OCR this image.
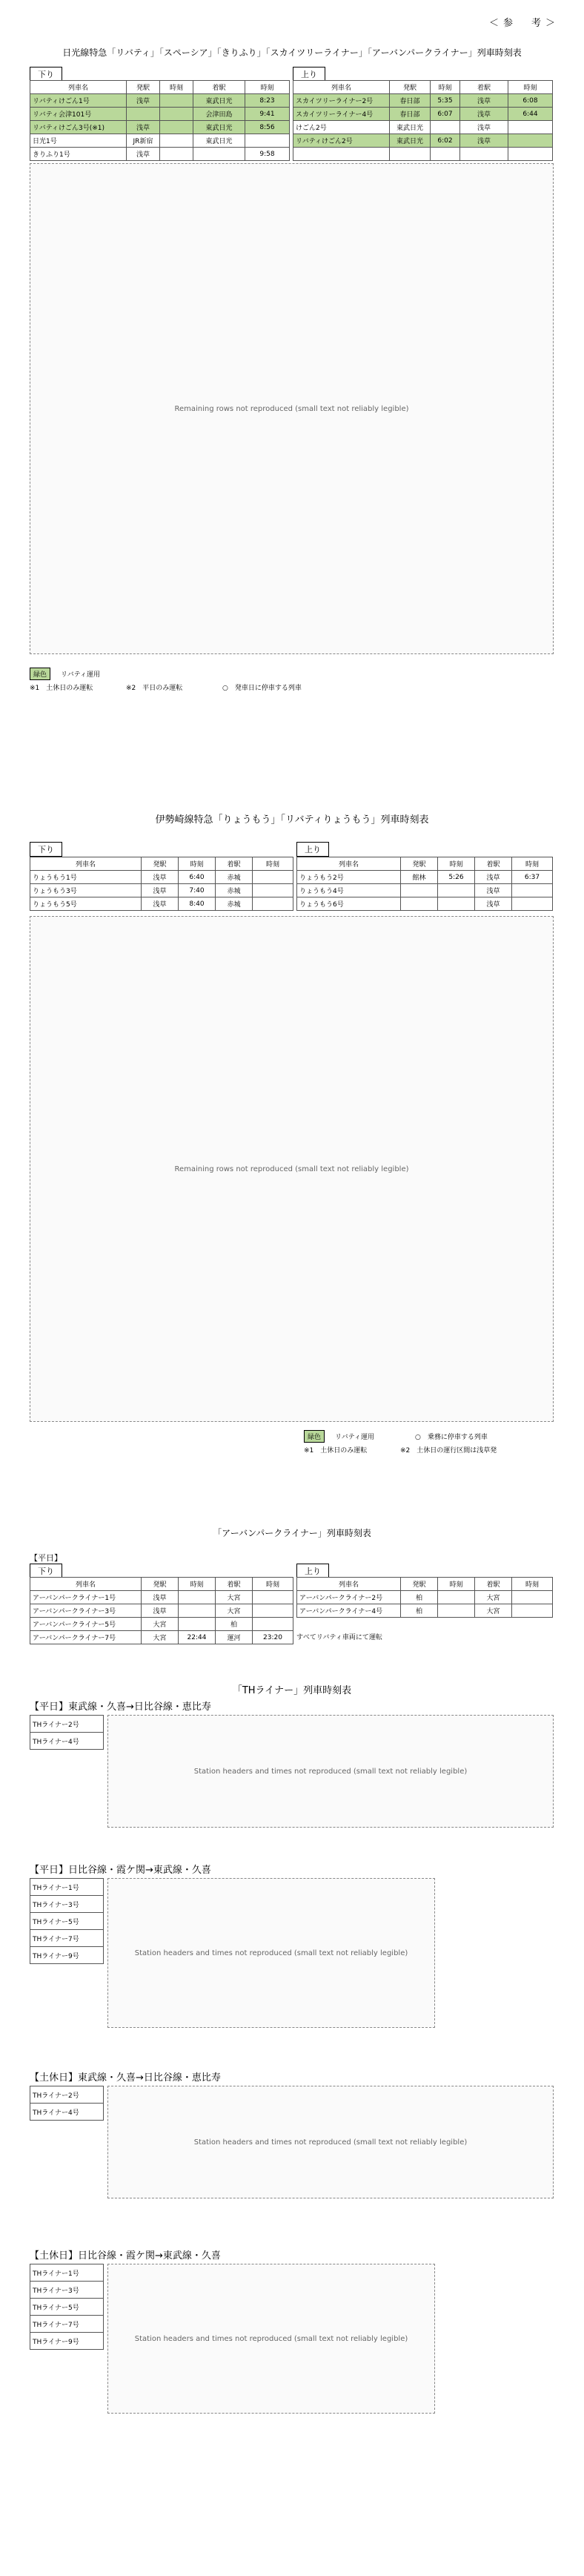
＜参　考＞
日光線特急「リバティ」「スペーシア」「きりふり」「スカイツリーライナー」「アーバンパークライナー」列車時刻表
下り	上り
列車名	発駅	時刻	着駅	時刻
リバティけごん1号	浅草		東武日光	8:23
リバティ会津101号			会津田島	9:41
リバティけごん3号(※1)	浅草		東武日光	8:56
日光1号	JR新宿		東武日光	
きりふり1号	浅草			9:58
列車名	発駅	時刻	着駅	時刻
スカイツリーライナー2号	春日部	5:35	浅草	6:08
スカイツリーライナー4号	春日部	6:07	浅草	6:44
けごん2号	東武日光		浅草	
リバティけごん2号	東武日光	6:02	浅草	

Remaining rows not reproduced (small text not reliably legible)
緑色	リバティ運用
※1　土休日のみ運転	※2　平日のみ運転	○　発車日に停車する列車
伊勢崎線特急「りょうもう」「リバティりょうもう」列車時刻表
下り	上り
列車名	発駅	時刻	着駅	時刻
りょうもう1号	浅草	6:40	赤城	
りょうもう3号	浅草	7:40	赤城	
りょうもう5号	浅草	8:40	赤城	
列車名	発駅	時刻	着駅	時刻
りょうもう2号	館林	5:26	浅草	6:37
りょうもう4号			浅草	
りょうもう6号			浅草	
Remaining rows not reproduced (small text not reliably legible)
緑色	リバティ運用	○　乗務に停車する列車
※1　土休日のみ運転	※2　土休日の運行区間は浅草発
「アーバンパークライナー」列車時刻表
【平日】
下り	上り
列車名	発駅	時刻	着駅	時刻
アーバンパークライナー1号	浅草		大宮	
アーバンパークライナー3号	浅草		大宮	
アーバンパークライナー5号	大宮		柏	
アーバンパークライナー7号	大宮	22:44	運河	23:20
列車名	発駅	時刻	着駅	時刻
アーバンパークライナー2号	柏		大宮	
アーバンパークライナー4号	柏		大宮	
すべてリバティ車両にて運転
「THライナー」列車時刻表
【平日】東武線・久喜→日比谷線・恵比寿
THライナー2号
THライナー4号
Station headers and times not reproduced (small text not reliably legible)
【平日】日比谷線・霞ケ関→東武線・久喜
THライナー1号
THライナー3号
THライナー5号
THライナー7号
THライナー9号	Station headers and times not reproduced (small text not reliably legible)
【土休日】東武線・久喜→日比谷線・恵比寿
THライナー2号
THライナー4号
Station headers and times not reproduced (small text not reliably legible)
【土休日】日比谷線・霞ケ関→東武線・久喜
THライナー1号
THライナー3号
THライナー5号
THライナー7号
THライナー9号	Station headers and times not reproduced (small text not reliably legible)
